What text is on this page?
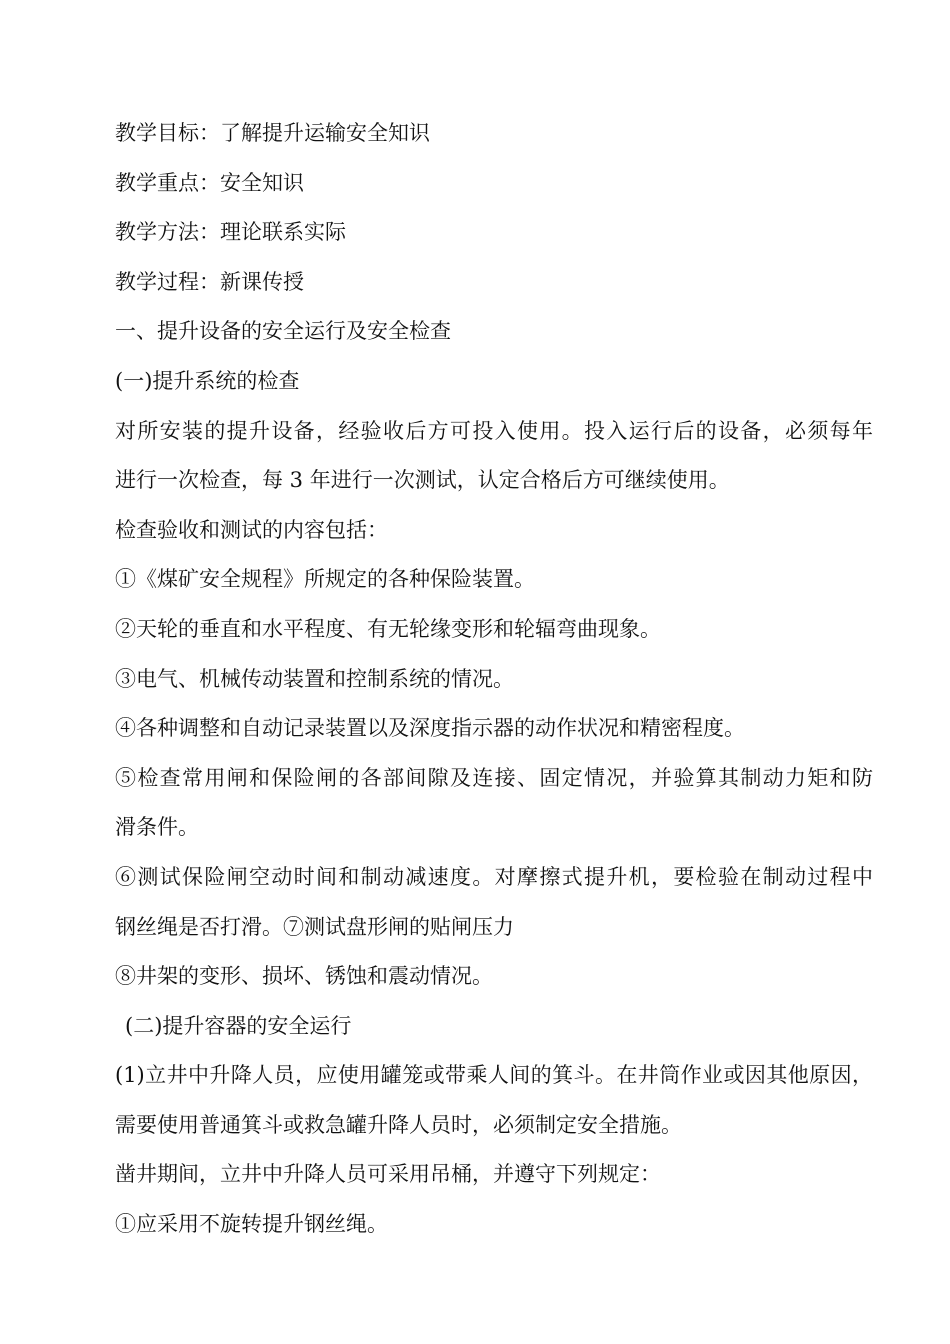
教学目标：了解提升运输安全知识

教学重点：安全知识

教学方法：理论联系实际

教学过程：新课传授

一、提升设备的安全运行及安全检查

(一)提升系统的检查

对所安装的提升设备，经验收后方可投入使用。投入运行后的设备，必须每年

进行一次检查，每 3 年进行一次测试，认定合格后方可继续使用。

检查验收和测试的内容包括：

①《煤矿安全规程》所规定的各种保险装置。

②天轮的垂直和水平程度、有无轮缘变形和轮辐弯曲现象。

③电气、机械传动装置和控制系统的情况。

④各种调整和自动记录装置以及深度指示器的动作状况和精密程度。

⑤检查常用闸和保险闸的各部间隙及连接、固定情况，并验算其制动力矩和防

滑条件。

⑥测试保险闸空动时间和制动减速度。对摩擦式提升机，要检验在制动过程中

钢丝绳是否打滑。⑦测试盘形闸的贴闸压力

⑧井架的变形、损坏、锈蚀和震动情况。

(二)提升容器的安全运行

(1)立井中升降人员，应使用罐笼或带乘人间的箕斗。在井筒作业或因其他原因，

需要使用普通箕斗或救急罐升降人员时，必须制定安全措施。

凿井期间，立井中升降人员可采用吊桶，并遵守下列规定：

①应采用不旋转提升钢丝绳。
